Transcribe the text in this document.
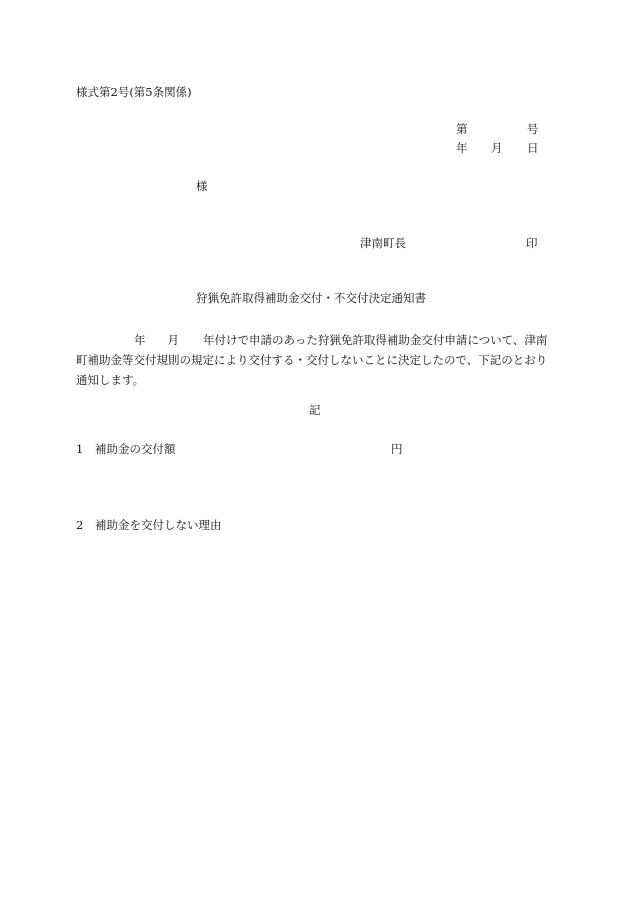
様式第2号(第5条関係)
第	号
年 月 日
様
津南町長	印
狩猟免許取得補助金交付・不交付決定通知書
年 月 年付けで申請のあった狩猟免許取得補助金交付申請について、津南町補助金等交付規則の規定により交付する・交付しないことに決定したので、下記のとおり通知します。
記
1 補助金の交付額	円
2 補助金を交付しない理由
